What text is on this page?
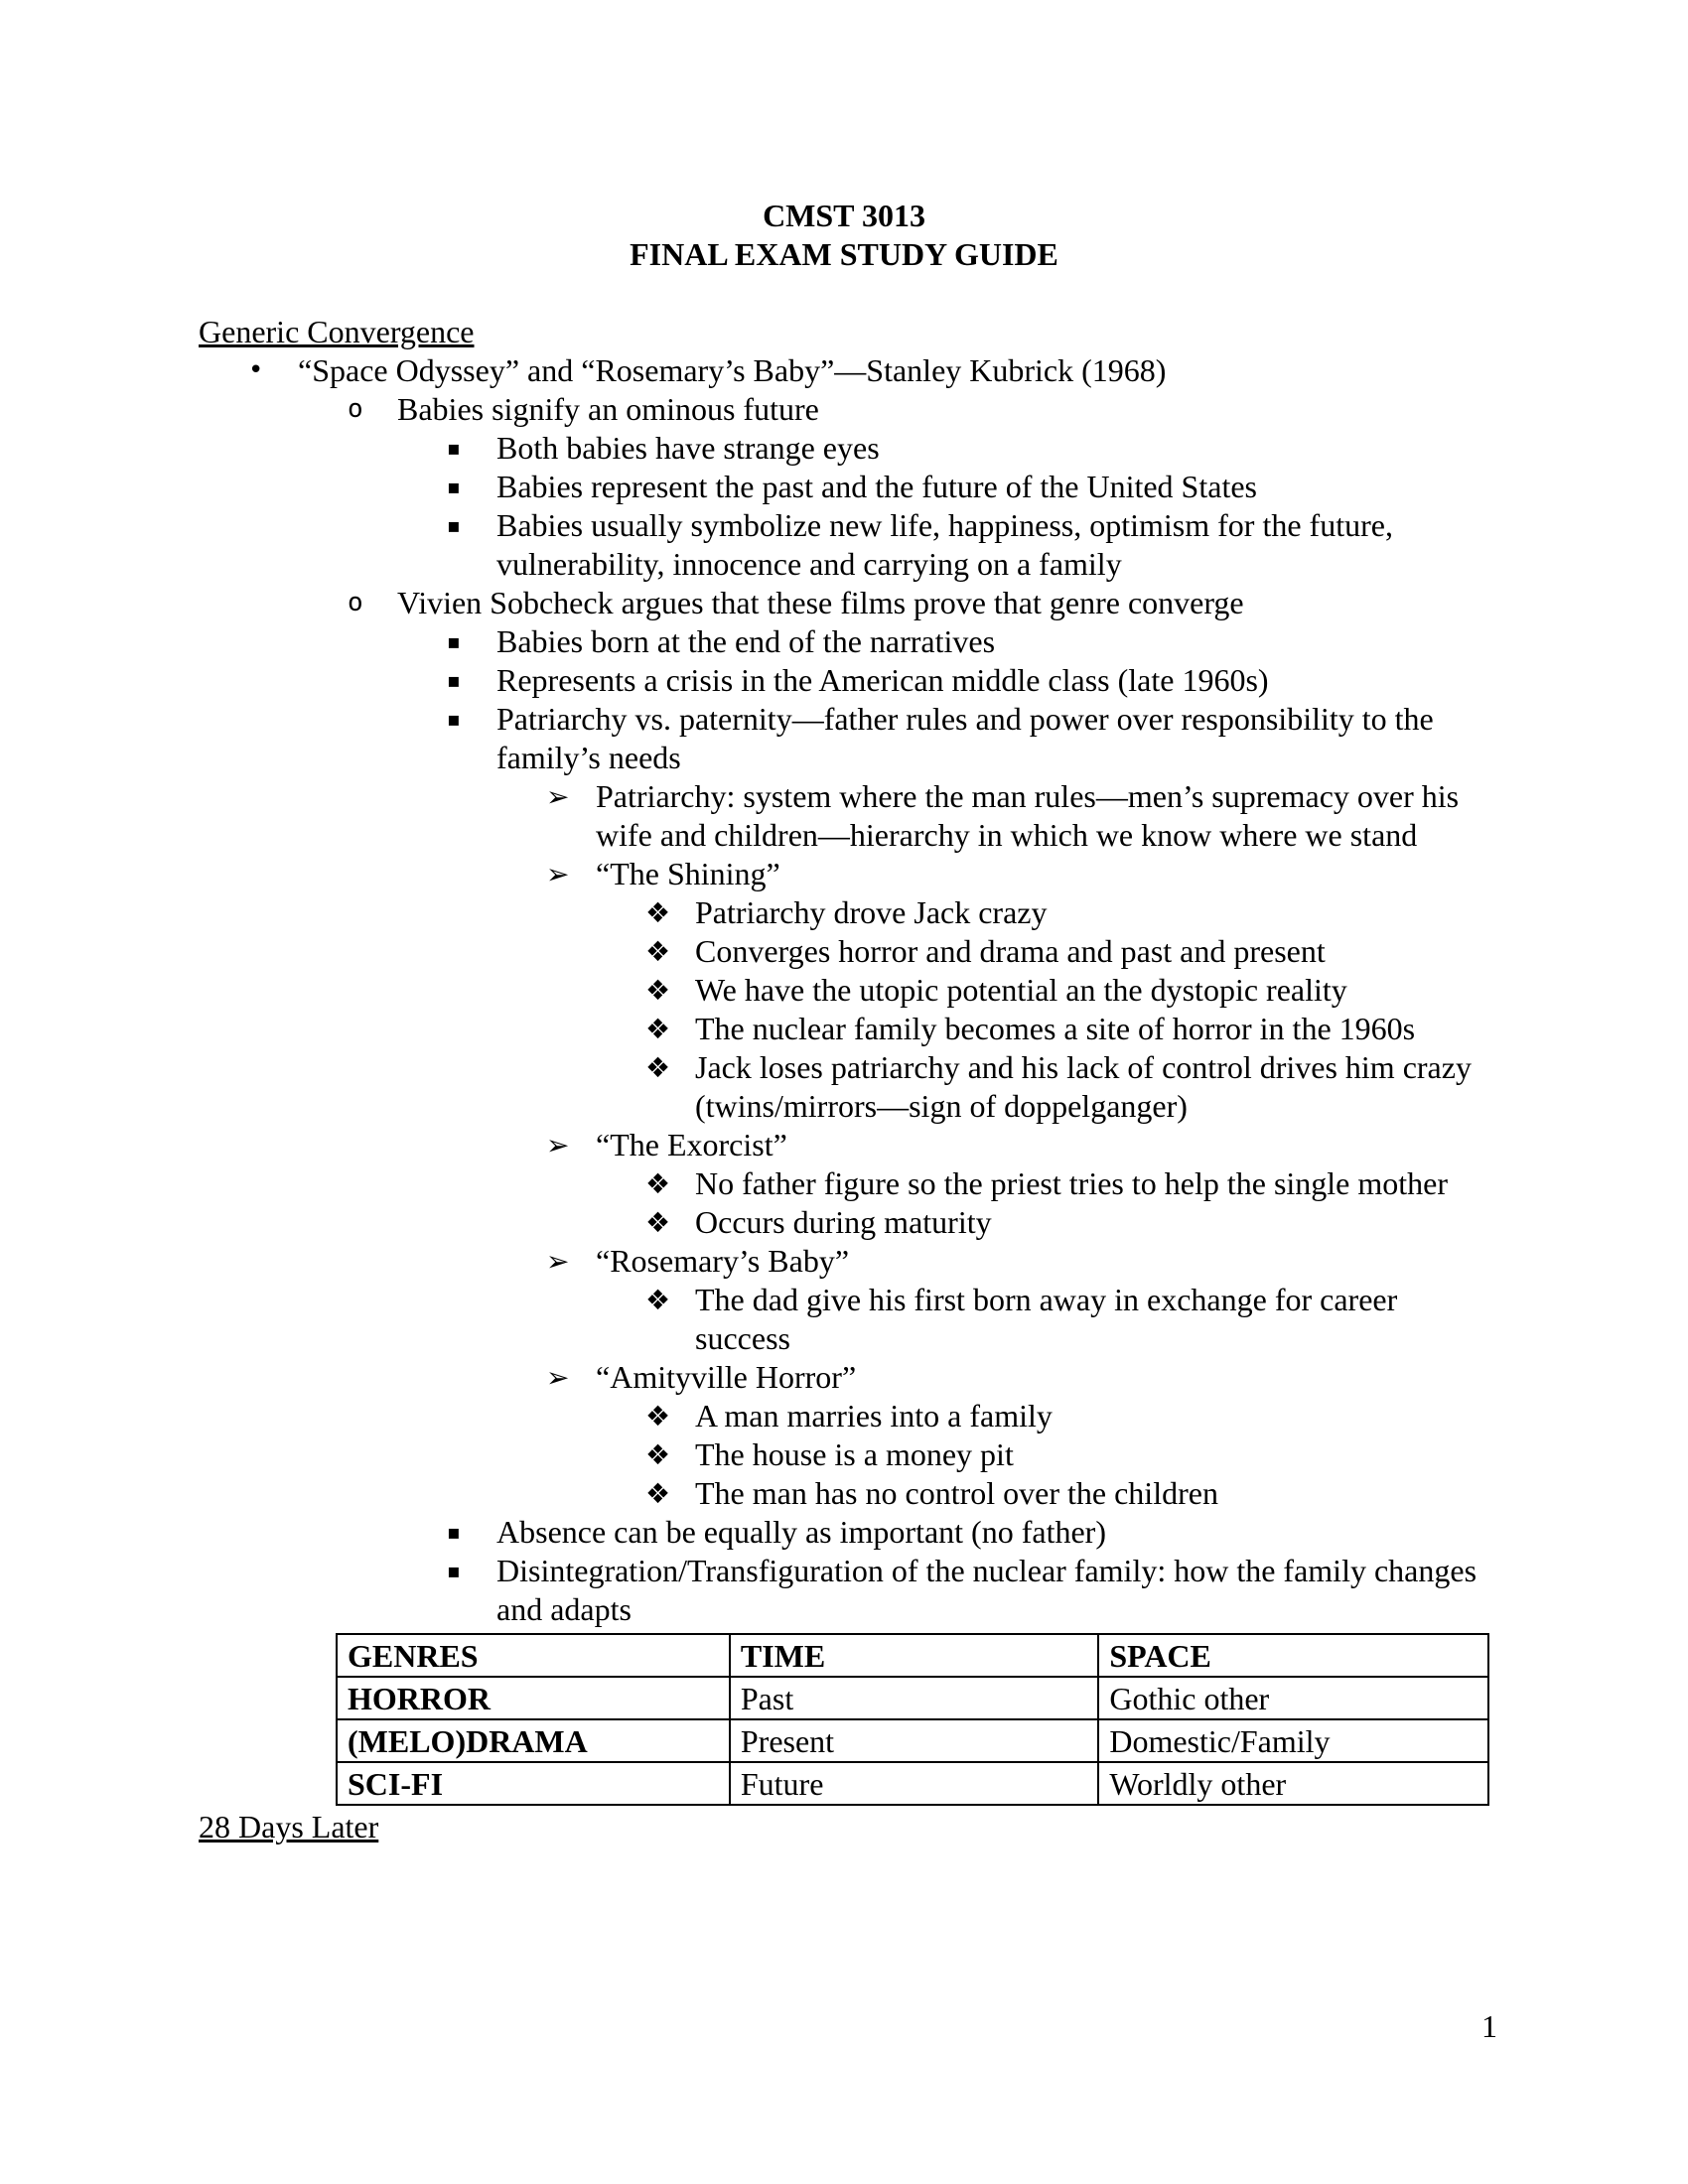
CMST 3013
FINAL EXAM STUDY GUIDE
Generic Convergence
•	“Space Odyssey” and “Rosemary’s Baby”—Stanley Kubrick (1968)
o	Babies signify an ominous future
▪	Both babies have strange eyes
▪	Babies represent the past and the future of the United States
▪	Babies usually symbolize new life, happiness, optimism for the future, vulnerability, innocence and carrying on a family
o	Vivien Sobcheck argues that these films prove that genre converge
▪	Babies born at the end of the narratives
▪	Represents a crisis in the American middle class (late 1960s)
▪	Patriarchy vs. paternity—father rules and power over responsibility to the family’s needs
➢ Patriarchy: system where the man rules—men’s supremacy over his wife and children—hierarchy in which we know where we stand
➢ “The Shining”
❖ Patriarchy drove Jack crazy
❖ Converges horror and drama and past and present
❖ We have the utopic potential an the dystopic reality
❖ The nuclear family becomes a site of horror in the 1960s
❖ Jack loses patriarchy and his lack of control drives him crazy (twins/mirrors—sign of doppelganger)
➢ “The Exorcist”
❖ No father figure so the priest tries to help the single mother
❖ Occurs during maturity
➢ “Rosemary’s Baby”
❖ The dad give his first born away in exchange for career success
➢ “Amityville Horror”
❖ A man marries into a family
❖ The house is a money pit
❖ The man has no control over the children
▪	Absence can be equally as important (no father)
▪	Disintegration/Transfiguration of the nuclear family: how the family changes and adapts
GENRES	TIME	SPACE
HORROR	Past	Gothic other
(MELO)DRAMA	Present	Domestic/Family
SCI-FI	Future	Worldly other
28 Days Later
1
